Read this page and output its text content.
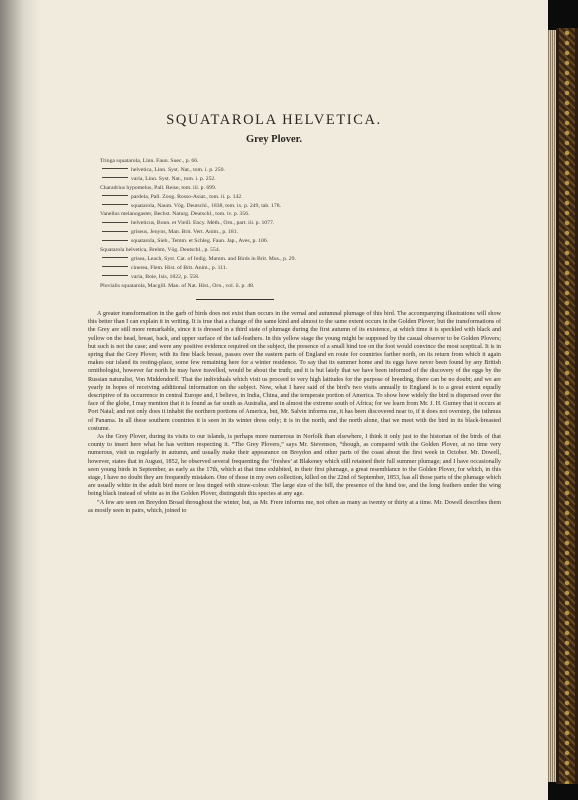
SQUATAROLA HELVETICA.
Grey Plover.
Tringa squatarola, Linn. Faun. Suec., p. 66.
helvetica, Linn. Syst. Nat., tom. i. p. 250.
varia, Linn. Syst. Nat., tom. i. p. 252.
Charadrius hypomelus, Pall. Reise, tom. iii. p. 699.
pardela, Pall. Zoog. Rosso-Asiat., tom. ii. p. 142.
squatarola, Naum. Vög. Deutschl., 1838, tom. ix. p. 249, tab. 178.
Vanellus melanogaster, Bechst. Naturg. Deutschl., tom. iv. p. 356.
helveticus, Bonn. et Vieill. Ency. Méth., Orn., part. iii. p. 1077.
griseus, Jenyns, Man. Brit. Vert. Anim., p. 181.
squatarola, Sieb., Temm. et Schleg. Faun. Jap., Aves, p. 106.
Squatarola helvetica, Brehm, Vög. Deutschl., p. 554.
grisea, Leach, Syst. Cat. of Indig. Mamm. and Birds in Brit. Mus., p. 29.
cinerea, Flem. Hist. of Brit. Anim., p. 111.
varia, Boie, Isis, 1822, p. 558.
Pluvialis squatarola, Macgill. Man. of Nat. Hist., Orn., vol. ii. p. 48.

A greater transformation in the garb of birds does not exist than occurs in the vernal and autumnal plumage of this bird. The accompanying illustrations will show this better than I can explain it in writing. It is true that a change of the same kind and almost to the same extent occurs in the Golden Plover; but the transformations of the Grey are still more remarkable, since it is dressed in a third state of plumage during the first autumn of its existence, at which time it is speckled with black and yellow on the head, breast, back, and upper surface of the tail-feathers. In this yellow stage the young might be supposed by the casual observer to be Golden Plovers; but such is not the case; and were any positive evidence required on the subject, the presence of a small hind toe on the foot would convince the most sceptical. It is in spring that the Grey Plover, with its fine black breast, passes over the eastern parts of England en route for countries farther north, on its return from which it again makes our island its resting-place, some few remaining here for a winter residence. To say that its summer home and its eggs have never been found by any British ornithologist, however far north he may have travelled, would be about the truth; and it is but lately that we have been informed of the discovery of the eggs by the Russian naturalist, Von Middendorff. That the individuals which visit us proceed to very high latitudes for the purpose of breeding, there can be no doubt; and we are yearly in hopes of receiving additional information on the subject. Now, what I have said of the bird's two visits annually to England is to a great extent equally descriptive of its occurrence in central Europe and, I believe, in India, China, and the temperate portion of America. To show how widely the bird is dispersed over the face of the globe, I may mention that it is found as far south as Australia, and in almost the extreme south of Africa; for we learn from Mr. J. H. Gurney that it occurs at Port Natal; and not only does it inhabit the northern portions of America, but, Mr. Salvin informs me, it has been discovered near to, if it does not overstep, the isthmus of Panama. In all these southern countries it is seen in its winter dress only; it is in the north, and the north alone, that we meet with the bird in its black-breasted costume.

As the Grey Plover, during its visits to our islands, is perhaps more numerous in Norfolk than elsewhere, I think it only just to the historian of the birds of that county to insert here what he has written respecting it. “The Grey Plovers,” says Mr. Stevenson, “though, as compared with the Golden Plover, at no time very numerous, visit us regularly in autumn, and usually make their appearance on Breydon and other parts of the coast about the first week in October. Mr. Dowell, however, states that in August, 1852, he observed several frequenting the ‘freshes’ at Blakeney which still retained their full summer plumage; and I have occasionally seen young birds in September, as early as the 17th, which at that time exhibited, in their first plumage, a great resemblance to the Golden Plover, for which, in this stage, I have no doubt they are frequently mistaken. One of those in my own collection, killed on the 22nd of September, 1853, has all those parts of the plumage which are usually white in the adult bird more or less tinged with straw-colour. The large size of the bill, the presence of the hind toe, and the long feathers under the wing being black instead of white as in the Golden Plover, distinguish this species at any age.

“A few are seen on Breydon Broad throughout the winter, but, as Mr. Frere informs me, not often as many as twenty or thirty at a time. Mr. Dowell describes them as mostly seen in pairs, which, joined to
